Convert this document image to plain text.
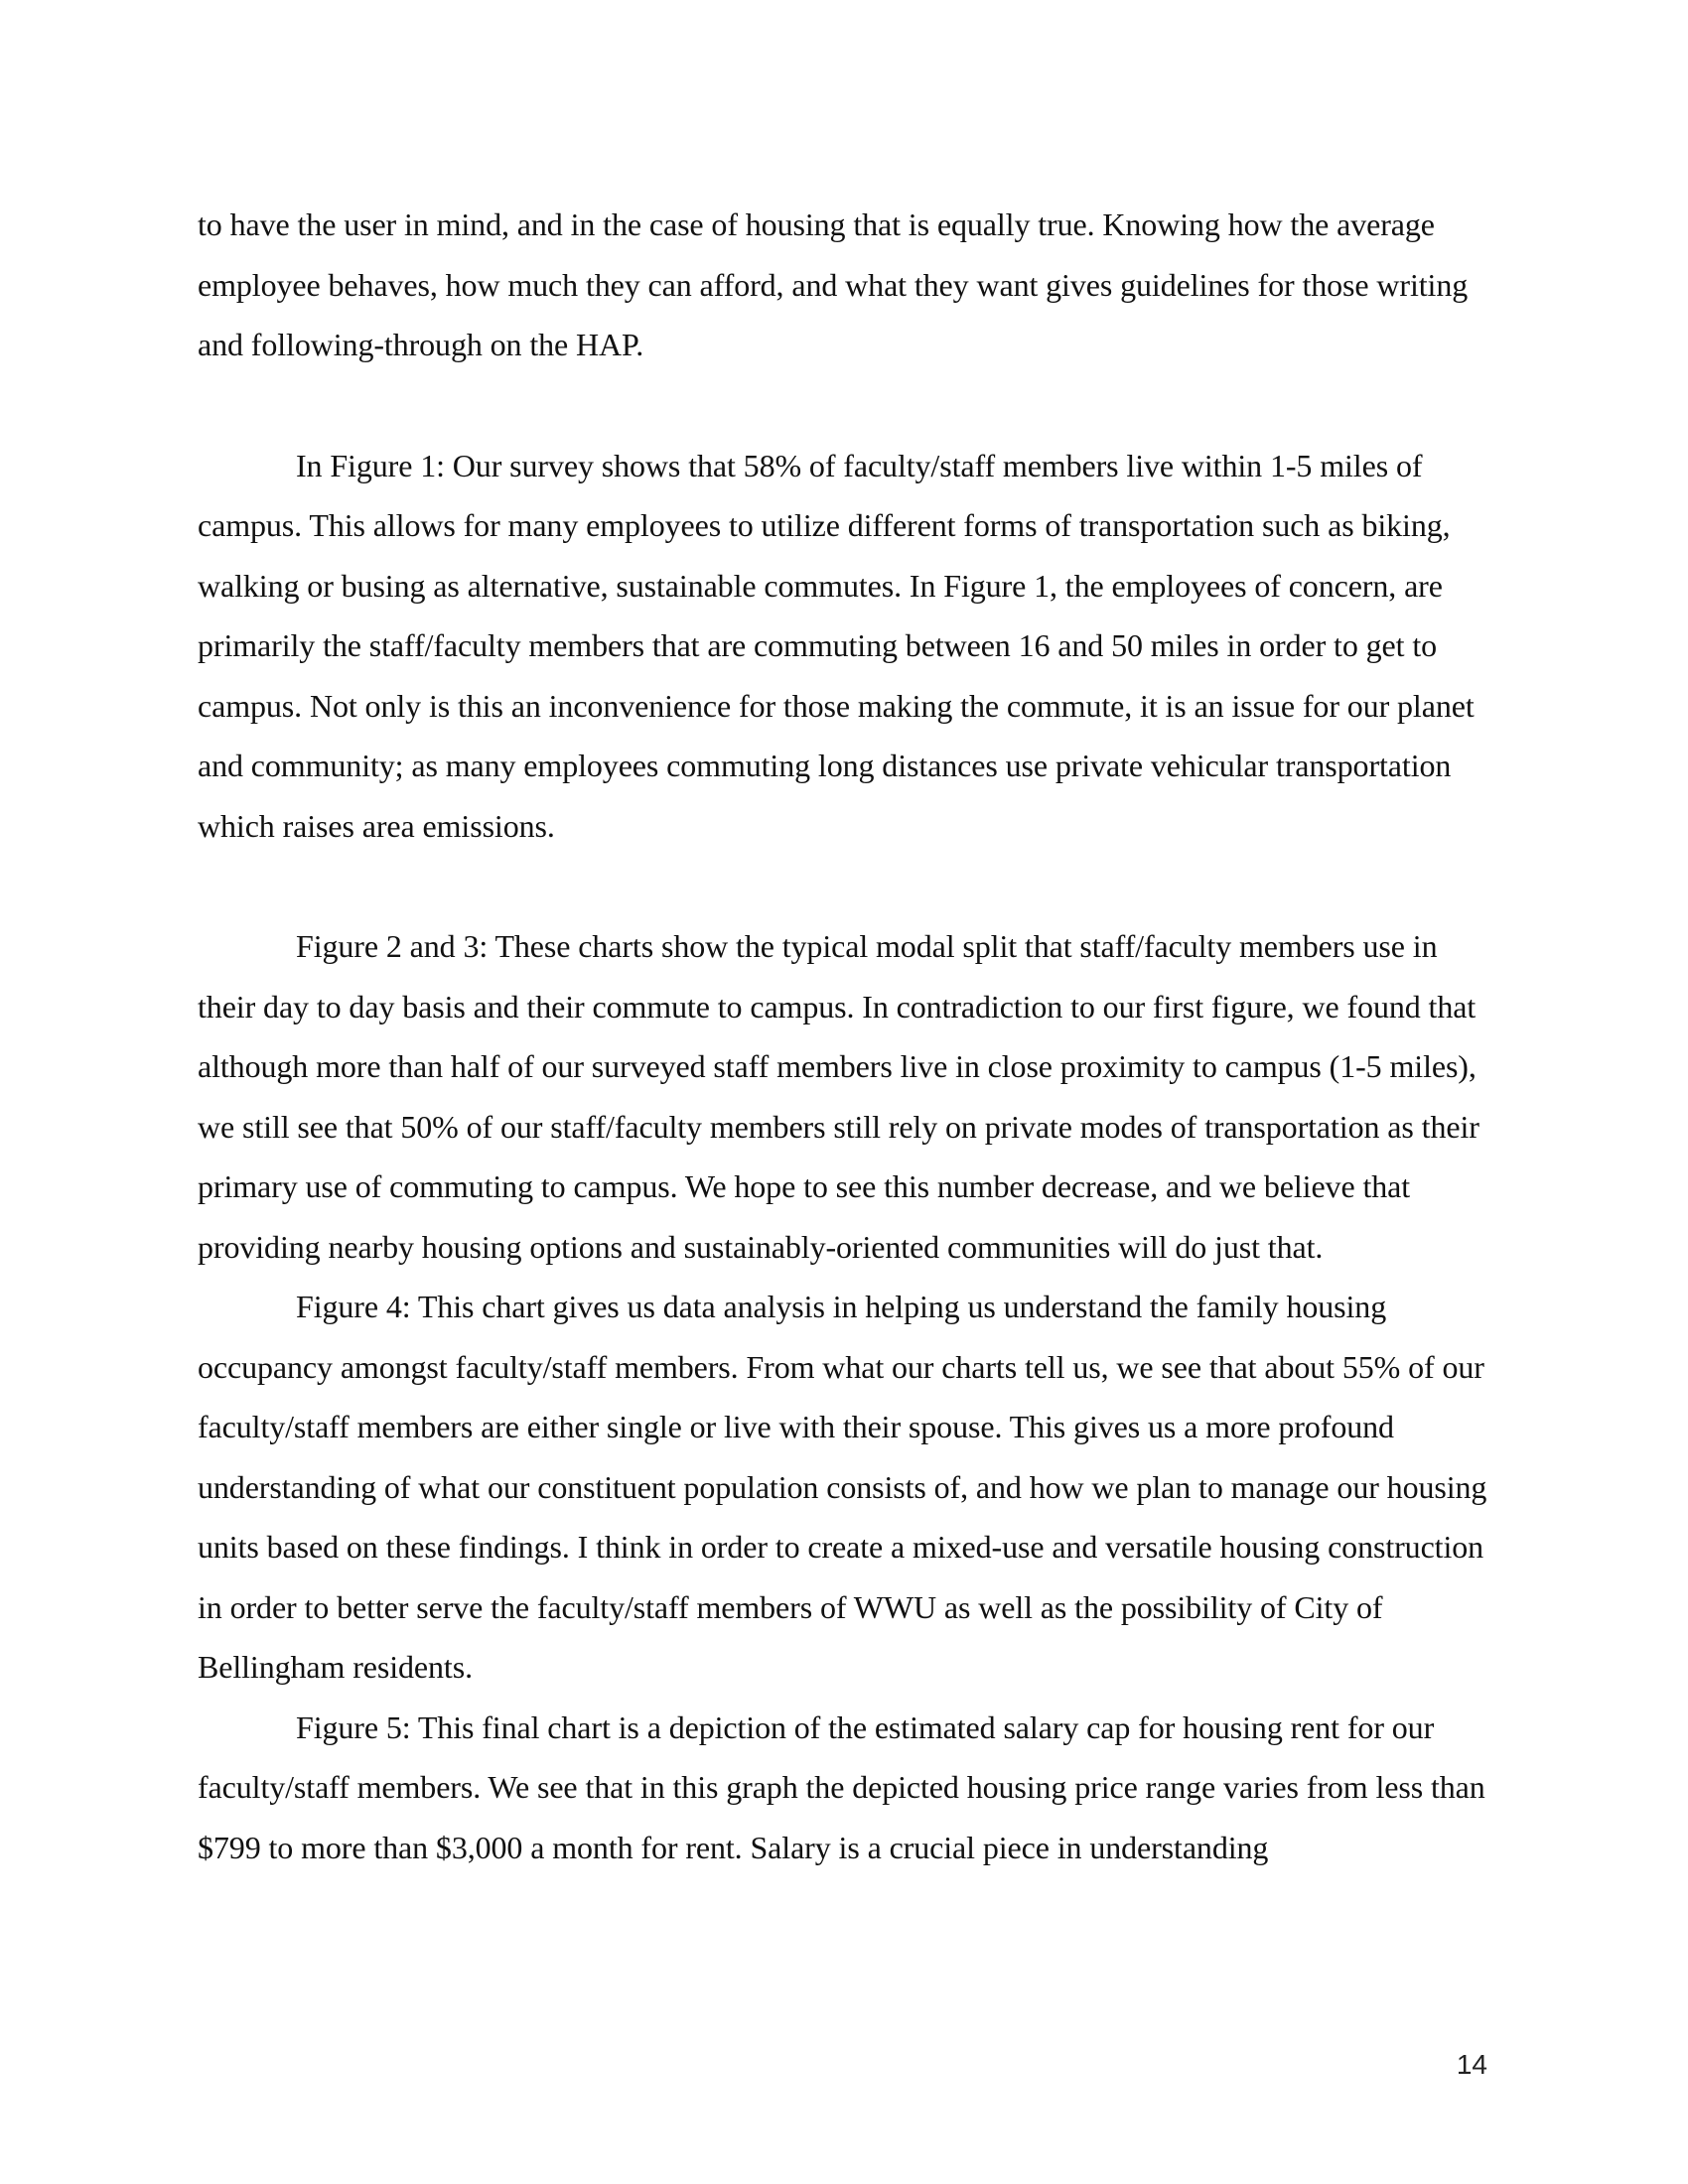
to have the user in mind, and in the case of housing that is equally true. Knowing how the average employee behaves, how much they can afford, and what they want gives guidelines for those writing and following-through on the HAP.

In Figure 1: Our survey shows that 58% of faculty/staff members live within 1-5 miles of campus. This allows for many employees to utilize different forms of transportation such as biking, walking or busing as alternative, sustainable commutes. In Figure 1, the employees of concern, are primarily the staff/faculty members that are commuting between 16 and 50 miles in order to get to campus. Not only is this an inconvenience for those making the commute, it is an issue for our planet and community; as many employees commuting long distances use private vehicular transportation which raises area emissions.

Figure 2 and 3: These charts show the typical modal split that staff/faculty members use in their day to day basis and their commute to campus. In contradiction to our first figure, we found that although more than half of our surveyed staff members live in close proximity to campus (1-5 miles), we still see that 50% of our staff/faculty members still rely on private modes of transportation as their primary use of commuting to campus. We hope to see this number decrease, and we believe that providing nearby housing options and sustainably-oriented communities will do just that.

Figure 4: This chart gives us data analysis in helping us understand the family housing occupancy amongst faculty/staff members. From what our charts tell us, we see that about 55% of our faculty/staff members are either single or live with their spouse. This gives us a more profound understanding of what our constituent population consists of, and how we plan to manage our housing units based on these findings. I think in order to create a mixed-use and versatile housing construction in order to better serve the faculty/staff members of WWU as well as the possibility of City of Bellingham residents.

Figure 5: This final chart is a depiction of the estimated salary cap for housing rent for our faculty/staff members. We see that in this graph the depicted housing price range varies from less than $799 to more than $3,000 a month for rent. Salary is a crucial piece in understanding

14
